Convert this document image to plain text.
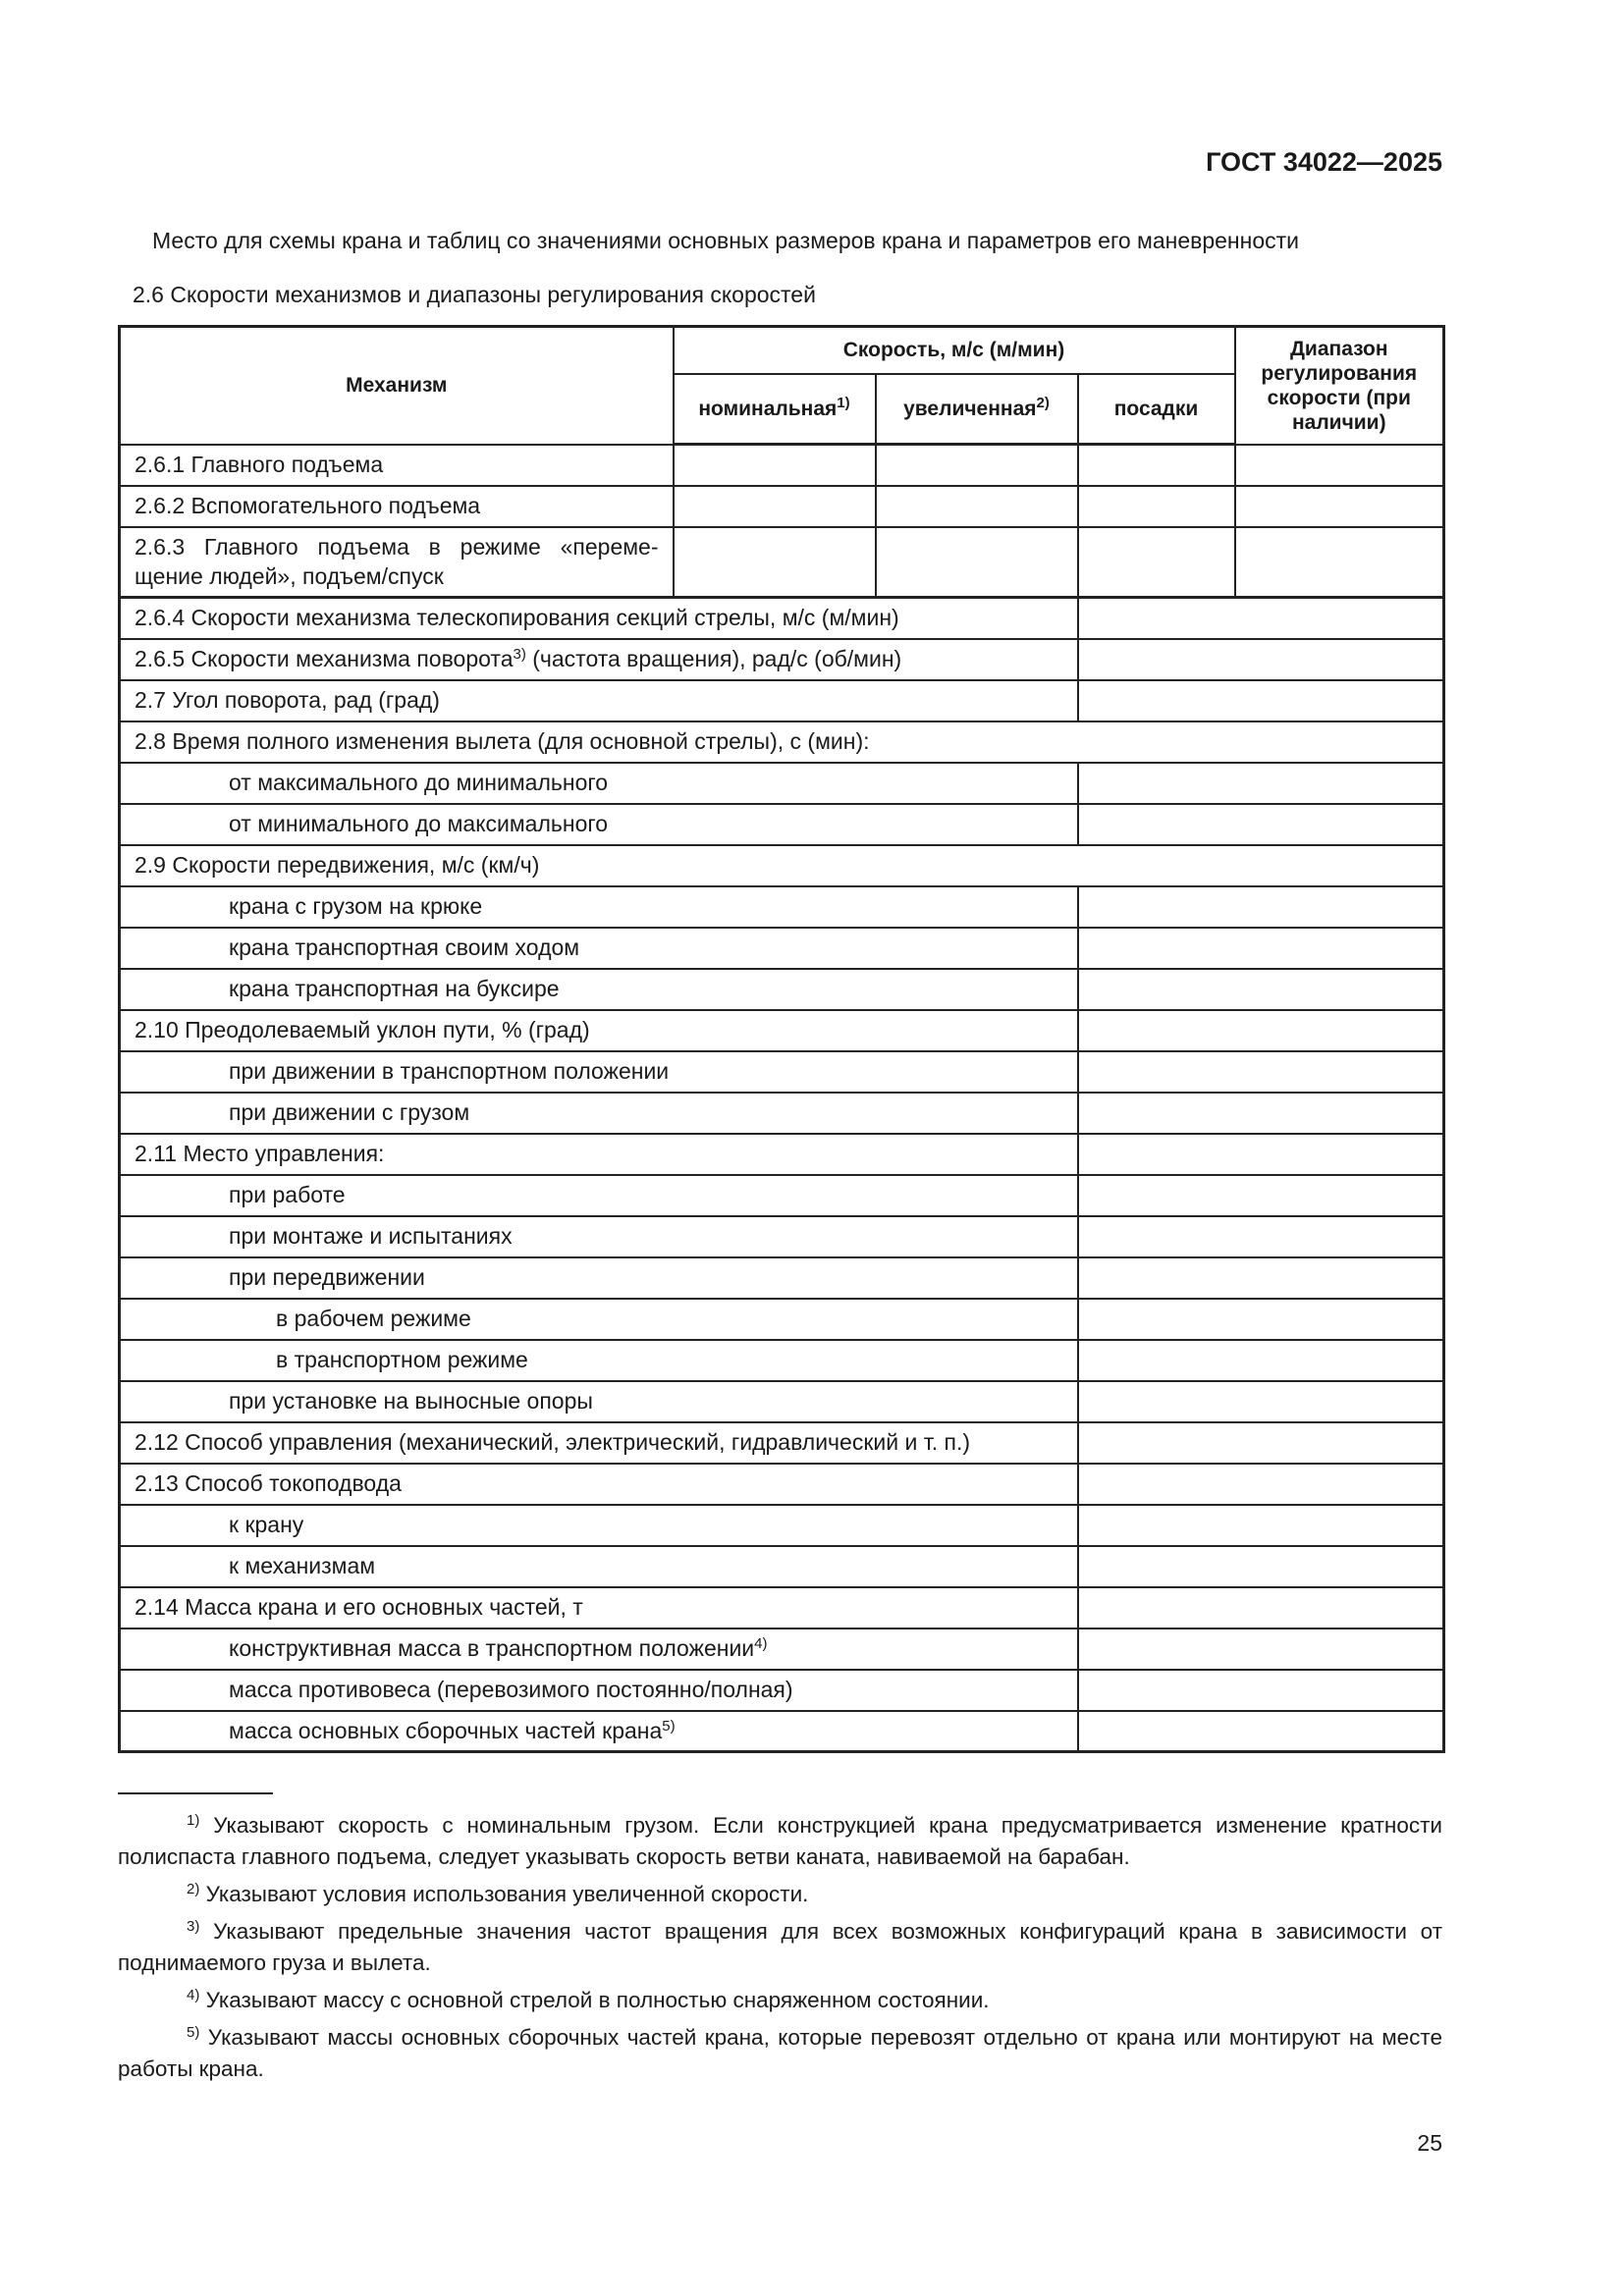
ГОСТ 34022—2025
Место для схемы крана и таблиц со значениями основных размеров крана и параметров его маневренности
2.6 Скорости механизмов и диапазоны регулирования скоростей
Механизм	Скорость, м/с (м/мин)			Диапазон регулирования скорости (при наличии)
	номинальная$^{1)}$	увеличенная$^{2)}$	посадки	
2.6.1 Главного подъема				
2.6.2 Вспомогательного подъема				

2.6.3 Главного подъема в режиме «переме-
щение людей», подъем/спуск				
2.6.4 Скорости механизма телескопирования секций стрелы, м/с (м/мин)				
2.6.5 Скорости механизма поворота$^{3)}$ (частота вращения), рад/с (об/мин)				
2.7 Угол поворота, рад (град)				
2.8 Время полного изменения вылета (для основной стрелы), с (мин):				
от максимального до минимального				
от минимального до максимального				
2.9 Скорости передвижения, м/с (км/ч)				
крана с грузом на крюке				
крана транспортная своим ходом				
крана транспортная на буксире				
2.10 Преодолеваемый уклон пути, % (град)				
при движении в транспортном положении				
при движении с грузом				
2.11 Место управления:				
при работе				
при монтаже и испытаниях				
при передвижении				
в рабочем режиме				
в транспортном режиме				
при установке на выносные опоры				
2.12 Способ управления (механический, электрический, гидравлический и т. п.)				
2.13 Способ токоподвода				
к крану				
к механизмам				
2.14 Масса крана и его основных частей, т				
конструктивная масса в транспортном положении$^{4)}$	
масса противовеса (перевозимого постоянно/полная)				
масса основных сборочных частей крана$^{5)}$	

$^{1)}$ Указывают скорость с номинальным грузом. Если конструкцией крана предусматривается изменение кратности полиспаста главного подъема, следует указывать скорость ветви каната, навиваемой на барабан.

$^{2)}$ Указывают условия использования увеличенной скорости.

$^{3)}$ Указывают предельные значения частот вращения для всех возможных конфигураций крана в зависимости от поднимаемого груза и вылета.

$^{4)}$ Указывают массу с основной стрелой в полностью снаряженном состоянии.

$^{5)}$ Указывают массы основных сборочных частей крана, которые перевозят отдельно от крана или монтируют на месте работы крана.

25
